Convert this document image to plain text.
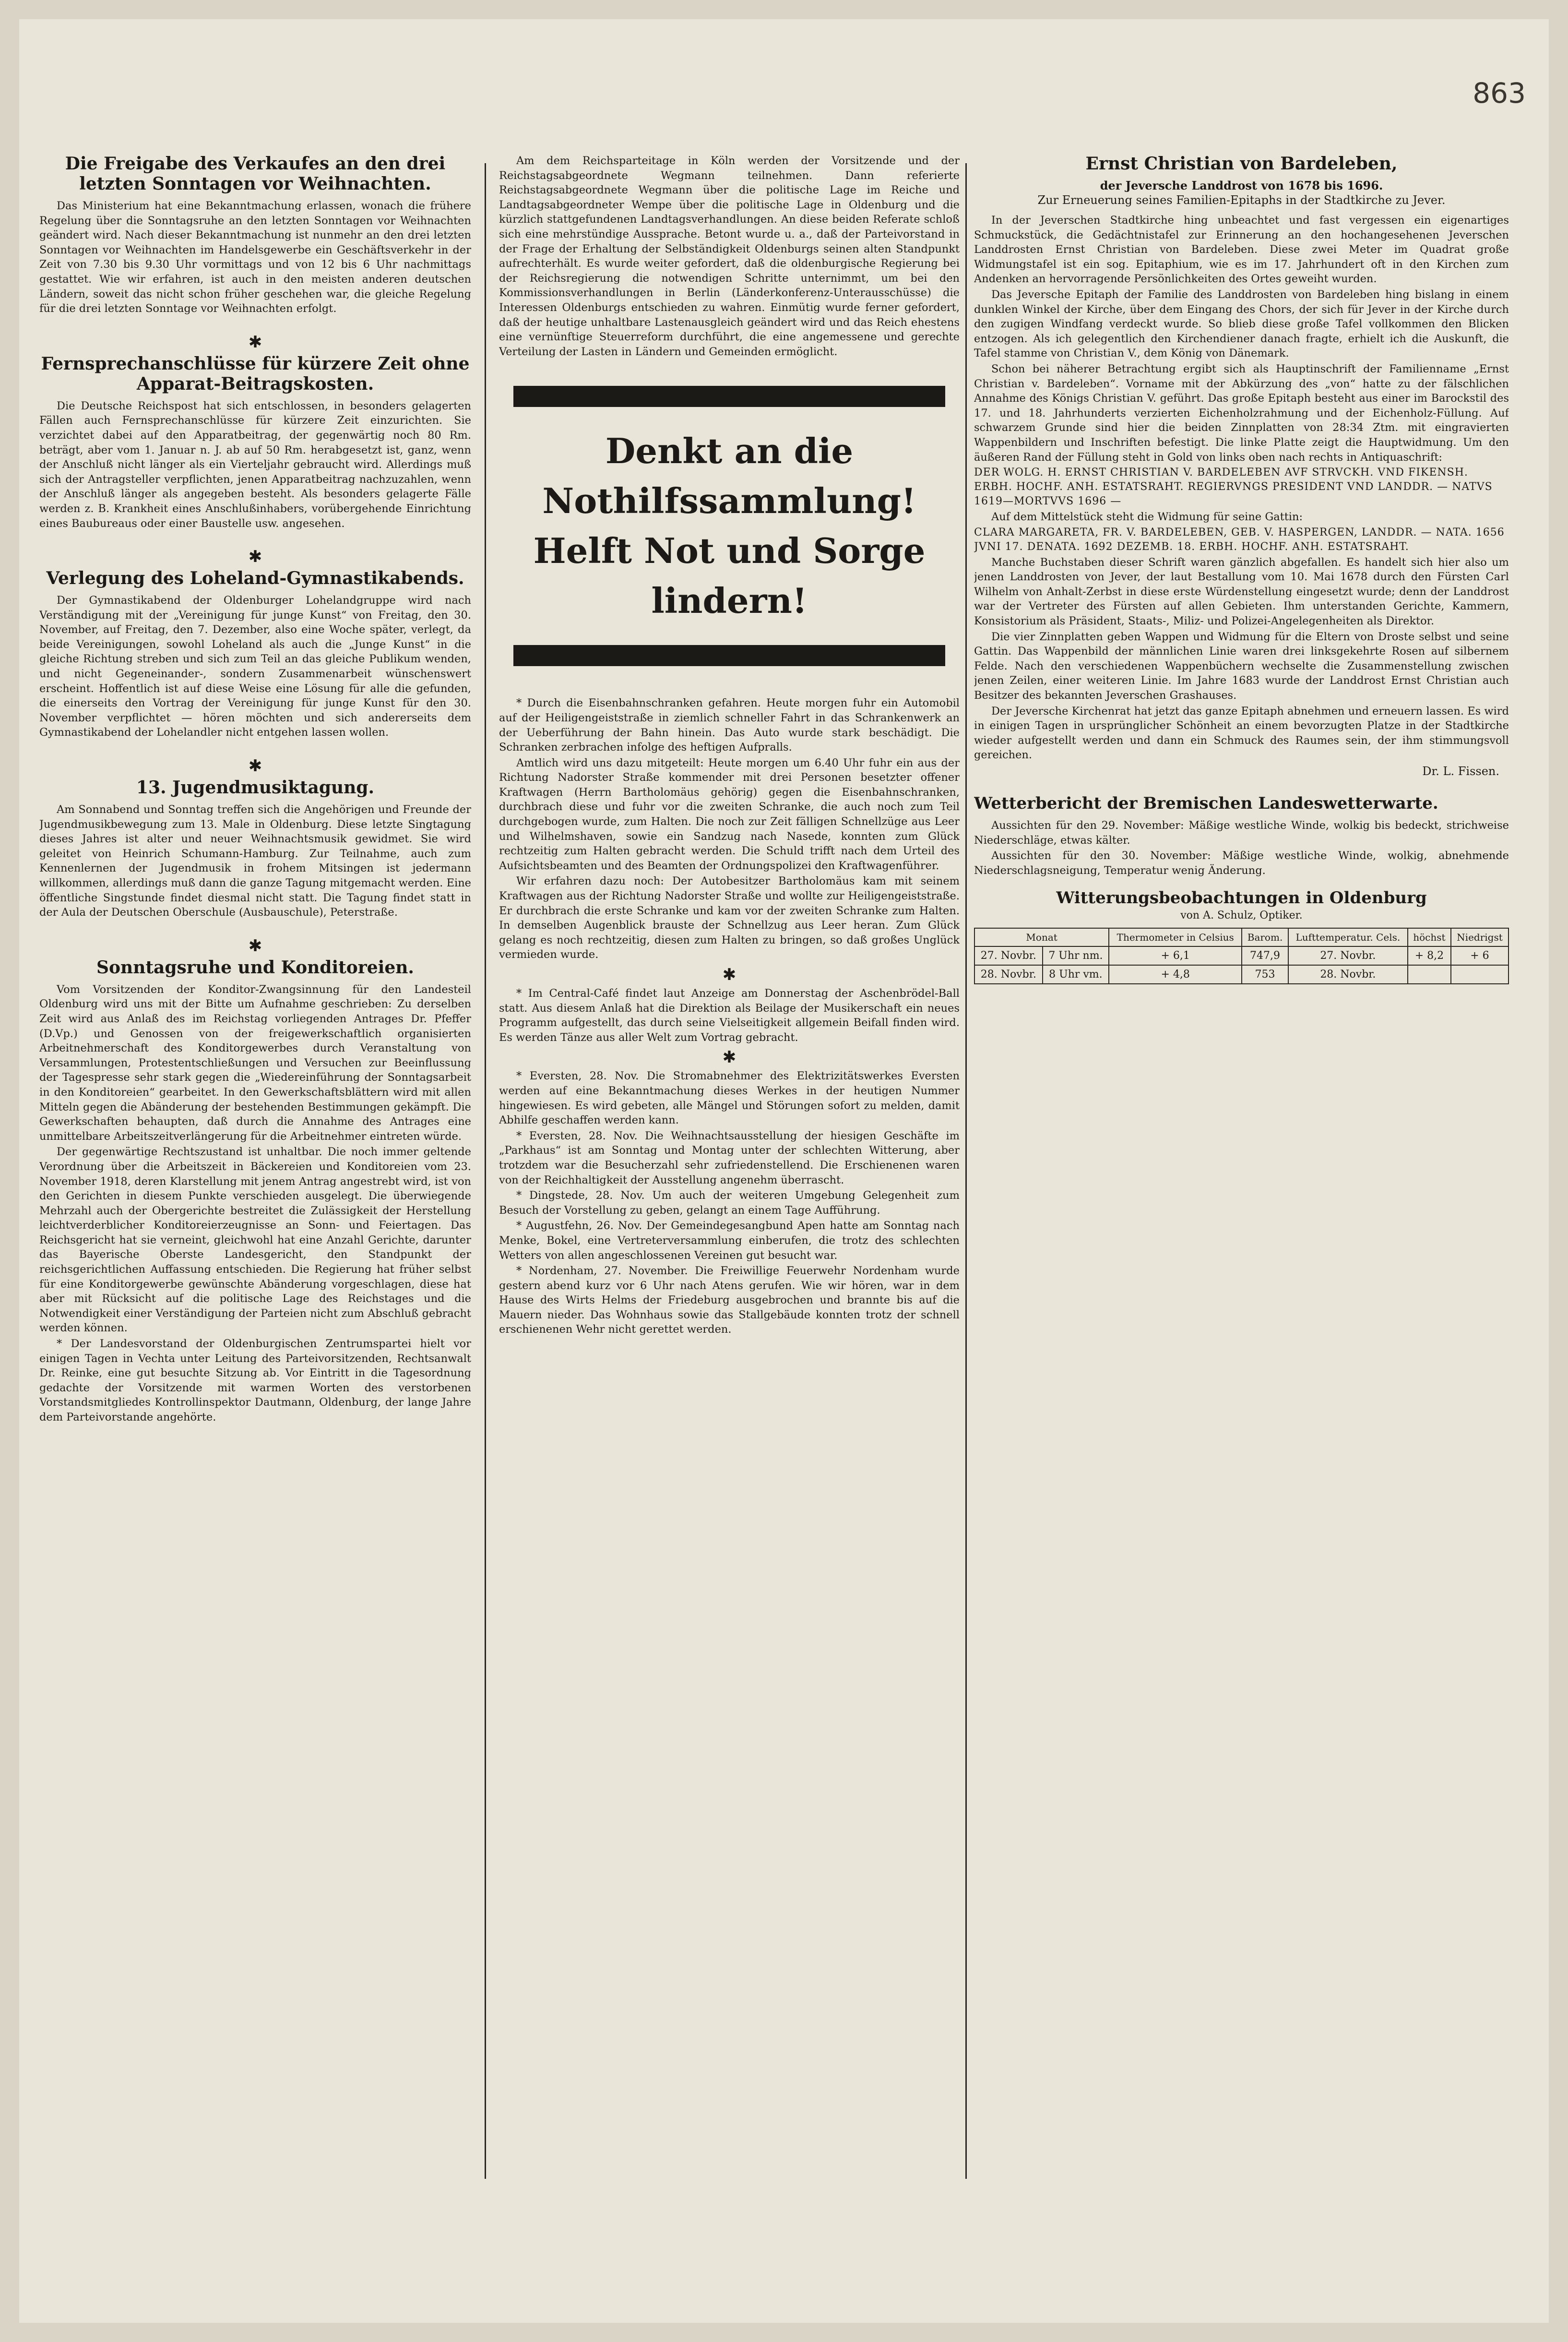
863
Die Freigabe des Verkaufes an den drei letzten Sonntagen vor Weihnachten.

Das Ministerium hat eine Bekanntmachung erlassen, wonach die frühere Regelung über die Sonntagsruhe an den letzten Sonntagen vor Weihnachten geändert wird. Nach dieser Bekanntmachung ist nunmehr an den drei letzten Sonntagen vor Weihnachten im Handelsgewerbe ein Geschäftsverkehr in der Zeit von 7.30 bis 9.30 Uhr vormittags und von 12 bis 6 Uhr nachmittags gestattet. Wie wir erfahren, ist auch in den meisten anderen deutschen Ländern, soweit das nicht schon früher geschehen war, die gleiche Regelung für die drei letzten Sonntage vor Weihnachten erfolgt.

✱
Fernsprechanschlüsse für kürzere Zeit ohne Apparat-Beitragskosten.

Die Deutsche Reichspost hat sich entschlossen, in besonders gelagerten Fällen auch Fernsprechanschlüsse für kürzere Zeit einzurichten. Sie verzichtet dabei auf den Apparatbeitrag, der gegenwärtig noch 80 Rm. beträgt, aber vom 1. Januar n. J. ab auf 50 Rm. herabgesetzt ist, ganz, wenn der Anschluß nicht länger als ein Vierteljahr gebraucht wird. Allerdings muß sich der Antragsteller verpflichten, jenen Apparatbeitrag nachzuzahlen, wenn der Anschluß länger als angegeben besteht. Als besonders gelagerte Fälle werden z. B. Krankheit eines Anschlußinhabers, vorübergehende Einrichtung eines Baubureaus oder einer Baustelle usw. angesehen.

✱
Verlegung des Loheland-Gymnastikabends.

Der Gymnastikabend der Oldenburger Lohelandgruppe wird nach Verständigung mit der „Vereinigung für junge Kunst“ von Freitag, den 30. November, auf Freitag, den 7. Dezember, also eine Woche später, verlegt, da beide Vereinigungen, sowohl Loheland als auch die „Junge Kunst“ in die gleiche Richtung streben und sich zum Teil an das gleiche Publikum wenden, und nicht Gegeneinander-, sondern Zusammenarbeit wünschenswert erscheint. Hoffentlich ist auf diese Weise eine Lösung für alle die gefunden, die einerseits den Vortrag der Vereinigung für junge Kunst für den 30. November verpflichtet — hören möchten und sich andererseits dem Gymnastikabend der Lohelandler nicht entgehen lassen wollen.

✱
13. Jugendmusiktagung.

Am Sonnabend und Sonntag treffen sich die Angehörigen und Freunde der Jugendmusikbewegung zum 13. Male in Oldenburg. Diese letzte Singtagung dieses Jahres ist alter und neuer Weihnachtsmusik gewidmet. Sie wird geleitet von Heinrich Schumann-Hamburg. Zur Teilnahme, auch zum Kennenlernen der Jugendmusik in frohem Mitsingen ist jedermann willkommen, allerdings muß dann die ganze Tagung mitgemacht werden. Eine öffentliche Singstunde findet diesmal nicht statt. Die Tagung findet statt in der Aula der Deutschen Oberschule (Ausbauschule), Peterstraße.

✱
Sonntagsruhe und Konditoreien.

Vom Vorsitzenden der Konditor-Zwangsinnung für den Landesteil Oldenburg wird uns mit der Bitte um Aufnahme geschrieben: Zu derselben Zeit wird aus Anlaß des im Reichstag vorliegenden Antrages Dr. Pfeffer (D.Vp.) und Genossen von der freigewerkschaftlich organisierten Arbeitnehmerschaft des Konditorgewerbes durch Veranstaltung von Versammlungen, Protestentschließungen und Versuchen zur Beeinflussung der Tagespresse sehr stark gegen die „Wiedereinführung der Sonntagsarbeit in den Konditoreien“ gearbeitet. In den Gewerkschaftsblättern wird mit allen Mitteln gegen die Abänderung der bestehenden Bestimmungen gekämpft. Die Gewerkschaften behaupten, daß durch die Annahme des Antrages eine unmittelbare Arbeitszeitverlängerung für die Arbeitnehmer eintreten würde.

Der gegenwärtige Rechtszustand ist unhaltbar. Die noch immer geltende Verordnung über die Arbeitszeit in Bäckereien und Konditoreien vom 23. November 1918, deren Klarstellung mit jenem Antrag angestrebt wird, ist von den Gerichten in diesem Punkte verschieden ausgelegt. Die überwiegende Mehrzahl auch der Obergerichte bestreitet die Zulässigkeit der Herstellung leichtverderblicher Konditoreierzeugnisse an Sonn- und Feiertagen. Das Reichsgericht hat sie verneint, gleichwohl hat eine Anzahl Gerichte, darunter das Bayerische Oberste Landesgericht, den Standpunkt der reichsgerichtlichen Auffassung entschieden. Die Regierung hat früher selbst für eine Konditorgewerbe gewünschte Abänderung vorgeschlagen, diese hat aber mit Rücksicht auf die politische Lage des Reichstages und die Notwendigkeit einer Verständigung der Parteien nicht zum Abschluß gebracht werden können.

* Der Landesvorstand der Oldenburgischen Zentrumspartei hielt vor einigen Tagen in Vechta unter Leitung des Parteivorsitzenden, Rechtsanwalt Dr. Reinke, eine gut besuchte Sitzung ab. Vor Eintritt in die Tagesordnung gedachte der Vorsitzende mit warmen Worten des verstorbenen Vorstandsmitgliedes Kontrollinspektor Dautmann, Oldenburg, der lange Jahre dem Parteivorstande angehörte.

Am dem Reichsparteitage in Köln werden der Vorsitzende und der Reichstagsabgeordnete Wegmann teilnehmen. Dann referierte Reichstagsabgeordnete Wegmann über die politische Lage im Reiche und Landtagsabgeordneter Wempe über die politische Lage in Oldenburg und die kürzlich stattgefundenen Landtagsverhandlungen. An diese beiden Referate schloß sich eine mehrstündige Aussprache. Betont wurde u. a., daß der Parteivorstand in der Frage der Erhaltung der Selbständigkeit Oldenburgs seinen alten Standpunkt aufrechterhält. Es wurde weiter gefordert, daß die oldenburgische Regierung bei der Reichsregierung die notwendigen Schritte unternimmt, um bei den Kommissionsverhandlungen in Berlin (Länderkonferenz-Unterausschüsse) die Interessen Oldenburgs entschieden zu wahren. Einmütig wurde ferner gefordert, daß der heutige unhaltbare Lastenausgleich geändert wird und das Reich ehestens eine vernünftige Steuerreform durchführt, die eine angemessene und gerechte Verteilung der Lasten in Ländern und Gemeinden ermöglicht.

Denkt an die Nothilfssammlung!
Helft Not und Sorge lindern!

* Durch die Eisenbahnschranken gefahren. Heute morgen fuhr ein Automobil auf der Heiligengeiststraße in ziemlich schneller Fahrt in das Schrankenwerk an der Ueberführung der Bahn hinein. Das Auto wurde stark beschädigt. Die Schranken zerbrachen infolge des heftigen Aufpralls.

Amtlich wird uns dazu mitgeteilt: Heute morgen um 6.40 Uhr fuhr ein aus der Richtung Nadorster Straße kommender mit drei Personen besetzter offener Kraftwagen (Herrn Bartholomäus gehörig) gegen die Eisenbahnschranken, durchbrach diese und fuhr vor die zweiten Schranke, die auch noch zum Teil durchgebogen wurde, zum Halten. Die noch zur Zeit fälligen Schnellzüge aus Leer und Wilhelmshaven, sowie ein Sandzug nach Nasede, konnten zum Glück rechtzeitig zum Halten gebracht werden. Die Schuld trifft nach dem Urteil des Aufsichtsbeamten und des Beamten der Ordnungspolizei den Kraftwagenführer.

Wir erfahren dazu noch: Der Autobesitzer Bartholomäus kam mit seinem Kraftwagen aus der Richtung Nadorster Straße und wollte zur Heiligengeiststraße. Er durchbrach die erste Schranke und kam vor der zweiten Schranke zum Halten. In demselben Augenblick brauste der Schnellzug aus Leer heran. Zum Glück gelang es noch rechtzeitig, diesen zum Halten zu bringen, so daß großes Unglück vermieden wurde.

✱

* Im Central-Café findet laut Anzeige am Donnerstag der Aschenbrödel-Ball statt. Aus diesem Anlaß hat die Direktion als Beilage der Musikerschaft ein neues Programm aufgestellt, das durch seine Vielseitigkeit allgemein Beifall finden wird. Es werden Tänze aus aller Welt zum Vortrag gebracht.

✱

* Eversten, 28. Nov. Die Stromabnehmer des Elektrizitätswerkes Eversten werden auf eine Bekanntmachung dieses Werkes in der heutigen Nummer hingewiesen. Es wird gebeten, alle Mängel und Störungen sofort zu melden, damit Abhilfe geschaffen werden kann.

* Eversten, 28. Nov. Die Weihnachtsausstellung der hiesigen Geschäfte im „Parkhaus“ ist am Sonntag und Montag unter der schlechten Witterung, aber trotzdem war die Besucherzahl sehr zufriedenstellend. Die Erschienenen waren von der Reichhaltigkeit der Ausstellung angenehm überrascht.

* Dingstede, 28. Nov. Um auch der weiteren Umgebung Gelegenheit zum Besuch der Vorstellung zu geben, gelangt an einem Tage Aufführung.

* Augustfehn, 26. Nov. Der Gemeindegesangbund Apen hatte am Sonntag nach Menke, Bokel, eine Vertreterversammlung einberufen, die trotz des schlechten Wetters von allen angeschlossenen Vereinen gut besucht war.

* Nordenham, 27. November. Die Freiwillige Feuerwehr Nordenham wurde gestern abend kurz vor 6 Uhr nach Atens gerufen. Wie wir hören, war in dem Hause des Wirts Helms der Friedeburg ausgebrochen und brannte bis auf die Mauern nieder. Das Wohnhaus sowie das Stallgebäude konnten trotz der schnell erschienenen Wehr nicht gerettet werden.

Ernst Christian von Bardeleben,
der Jeversche Landdrost von 1678 bis 1696.
Zur Erneuerung seines Familien-Epitaphs in der Stadtkirche zu Jever.

In der Jeverschen Stadtkirche hing unbeachtet und fast vergessen ein eigenartiges Schmuckstück, die Gedächtnistafel zur Erinnerung an den hochangesehenen Jeverschen Landdrosten Ernst Christian von Bardeleben. Diese zwei Meter im Quadrat große Widmungstafel ist ein sog. Epitaphium, wie es im 17. Jahrhundert oft in den Kirchen zum Andenken an hervorragende Persönlichkeiten des Ortes geweiht wurden.

Das Jeversche Epitaph der Familie des Landdrosten von Bardeleben hing bislang in einem dunklen Winkel der Kirche, über dem Eingang des Chors, der sich für Jever in der Kirche durch den zugigen Windfang verdeckt wurde. So blieb diese große Tafel vollkommen den Blicken entzogen. Als ich gelegentlich den Kirchendiener danach fragte, erhielt ich die Auskunft, die Tafel stamme von Christian V., dem König von Dänemark.

Schon bei näherer Betrachtung ergibt sich als Hauptinschrift der Familienname „Ernst Christian v. Bardeleben“. Vorname mit der Abkürzung des „von“ hatte zu der fälschlichen Annahme des Königs Christian V. geführt. Das große Epitaph besteht aus einer im Barockstil des 17. und 18. Jahrhunderts verzierten Eichenholzrahmung und der Eichenholz-Füllung. Auf schwarzem Grunde sind hier die beiden Zinnplatten von 28:34 Ztm. mit eingravierten Wappenbildern und Inschriften befestigt. Die linke Platte zeigt die Hauptwidmung. Um den äußeren Rand der Füllung steht in Gold von links oben nach rechts in Antiquaschrift:

DER WOLG. H. ERNST CHRISTIAN V. BARDELEBEN AVF STRVCKH. VND FIKENSH. ERBH. HOCHF. ANH. ESTATSRAHT. REGIERVNGS PRESIDENT VND LANDDR. — NATVS 1619—MORTVVS 1696 —

Auf dem Mittelstück steht die Widmung für seine Gattin:

CLARA MARGARETA, FR. V. BARDELEBEN, GEB. V. HASPERGEN, LANDDR. — NATA. 1656 JVNI 17. DENATA. 1692 DEZEMB. 18. ERBH. HOCHF. ANH. ESTATSRAHT.

Manche Buchstaben dieser Schrift waren gänzlich abgefallen. Es handelt sich hier also um jenen Landdrosten von Jever, der laut Bestallung vom 10. Mai 1678 durch den Fürsten Carl Wilhelm von Anhalt-Zerbst in diese erste Würdenstellung eingesetzt wurde; denn der Landdrost war der Vertreter des Fürsten auf allen Gebieten. Ihm unterstanden Gerichte, Kammern, Konsistorium als Präsident, Staats-, Miliz- und Polizei-Angelegenheiten als Direktor.

Die vier Zinnplatten geben Wappen und Widmung für die Eltern von Droste selbst und seine Gattin. Das Wappenbild der männlichen Linie waren drei linksgekehrte Rosen auf silbernem Felde. Nach den verschiedenen Wappenbüchern wechselte die Zusammenstellung zwischen jenen Zeilen, einer weiteren Linie. Im Jahre 1683 wurde der Landdrost Ernst Christian auch Besitzer des bekannten Jeverschen Grashauses.

Der Jeversche Kirchenrat hat jetzt das ganze Epitaph abnehmen und erneuern lassen. Es wird in einigen Tagen in ursprünglicher Schönheit an einem bevorzugten Platze in der Stadtkirche wieder aufgestellt werden und dann ein Schmuck des Raumes sein, der ihm stimmungsvoll gereichen.

Dr. L. Fissen.
Wetterbericht der Bremischen Landeswetterwarte.

Aussichten für den 29. November: Mäßige westliche Winde, wolkig bis bedeckt, strichweise Niederschläge, etwas kälter.

Aussichten für den 30. November: Mäßige westliche Winde, wolkig, abnehmende Niederschlagsneigung, Temperatur wenig Änderung.

Witterungsbeobachtungen in Oldenburg
von A. Schulz, Optiker.
Monat		Thermometer in Celsius	Barom.	Lufttemperatur. Cels.	höchst	Niedrigst
27. Novbr.	7 Uhr nm.	+ 6,1	747,9	27. Novbr.	+ 8,2	+ 6
28. Novbr.	8 Uhr vm.	+ 4,8	753	28. Novbr.		
